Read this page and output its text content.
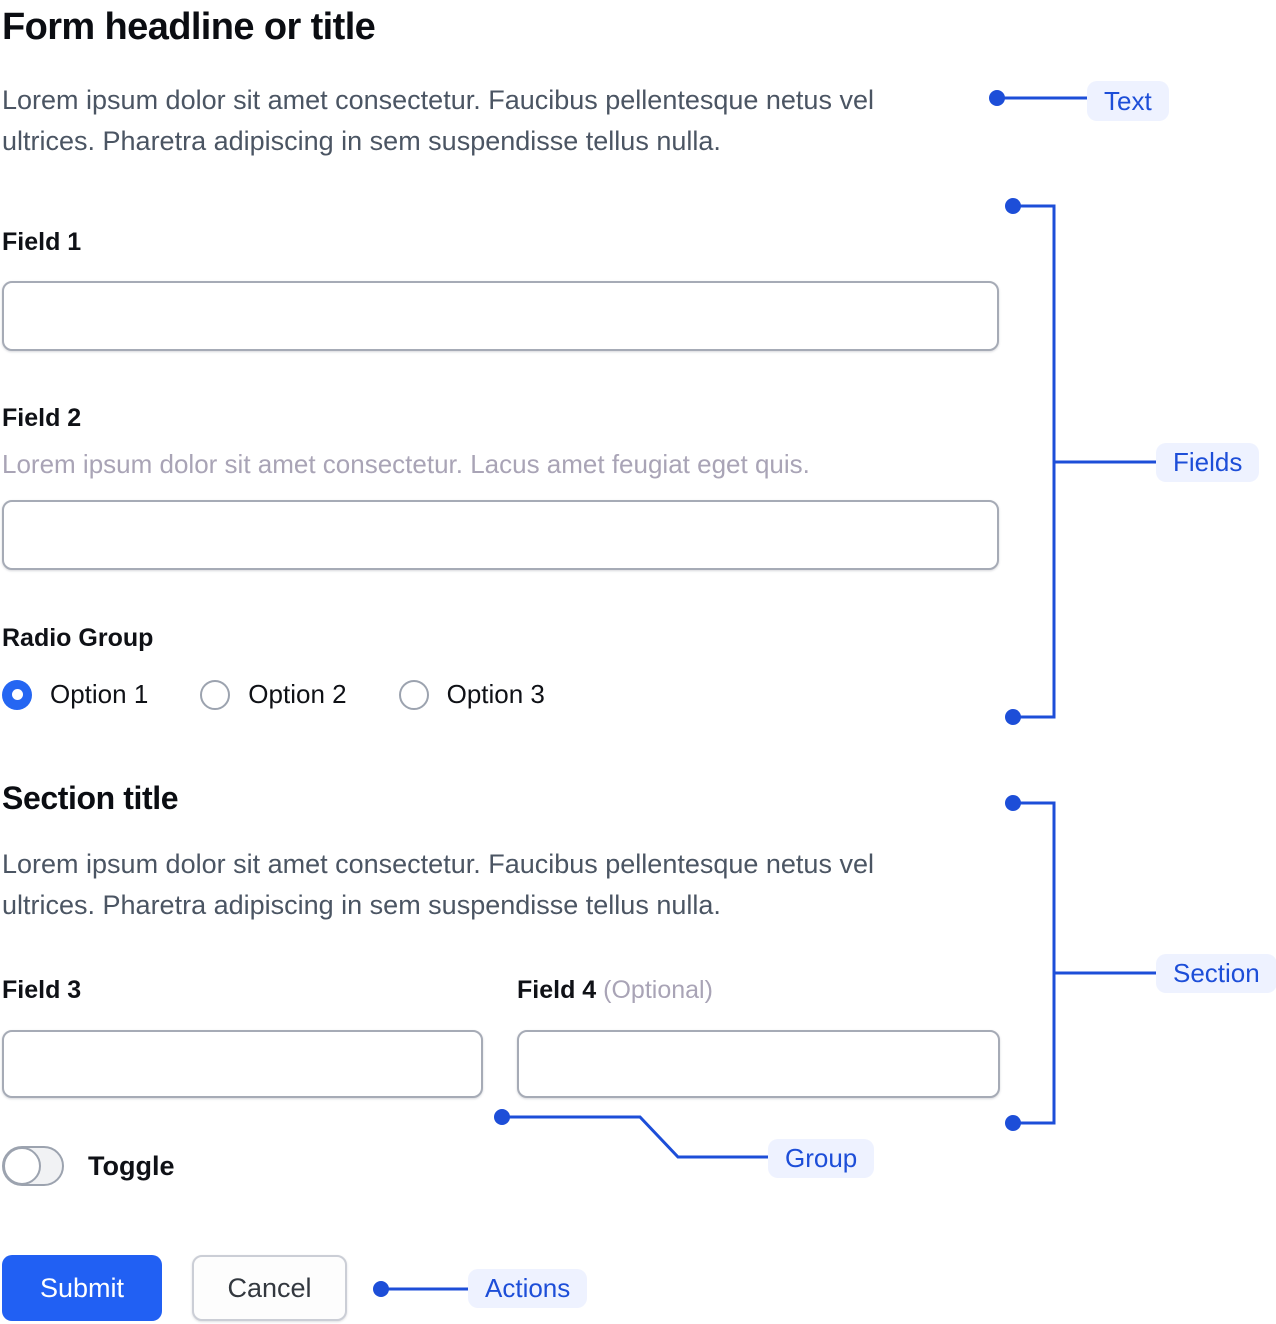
Form headline or title

Lorem ipsum dolor sit amet consectetur. Faucibus pellentesque netus vel ultrices. Pharetra adipiscing in sem suspendisse tellus nulla.

Field 1
Field 2
Lorem ipsum dolor sit amet consectetur. Lacus amet feugiat eget quis.
Radio Group
Option 1	Option 2	Option 3
Section title

Lorem ipsum dolor sit amet consectetur. Faucibus pellentesque netus vel ultrices. Pharetra adipiscing in sem suspendisse tellus nulla.

Field 3	Field 4 (Optional)
Toggle
Submit	Cancel
Text
Fields
Section
Group
Actions
